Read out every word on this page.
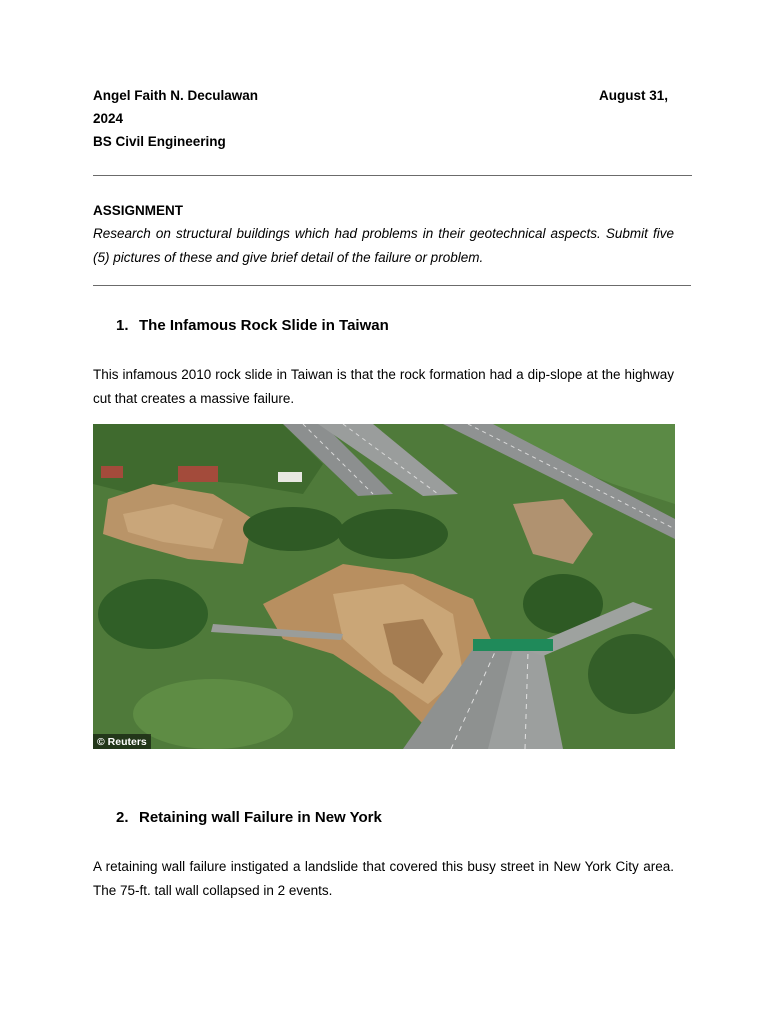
Angel Faith N. Deculawan	August 31,
2024
BS Civil Engineering
ASSIGNMENT
Research on structural buildings which had problems in their geotechnical aspects. Submit five (5) pictures of these and give brief detail of the failure or problem.
1. The Infamous Rock Slide in Taiwan
This infamous 2010 rock slide in Taiwan is that the rock formation had a dip-slope at the highway cut that creates a massive failure.
© Reuters
2. Retaining wall Failure in New York
A retaining wall failure instigated a landslide that covered this busy street in New York City area. The 75-ft. tall wall collapsed in 2 events.
